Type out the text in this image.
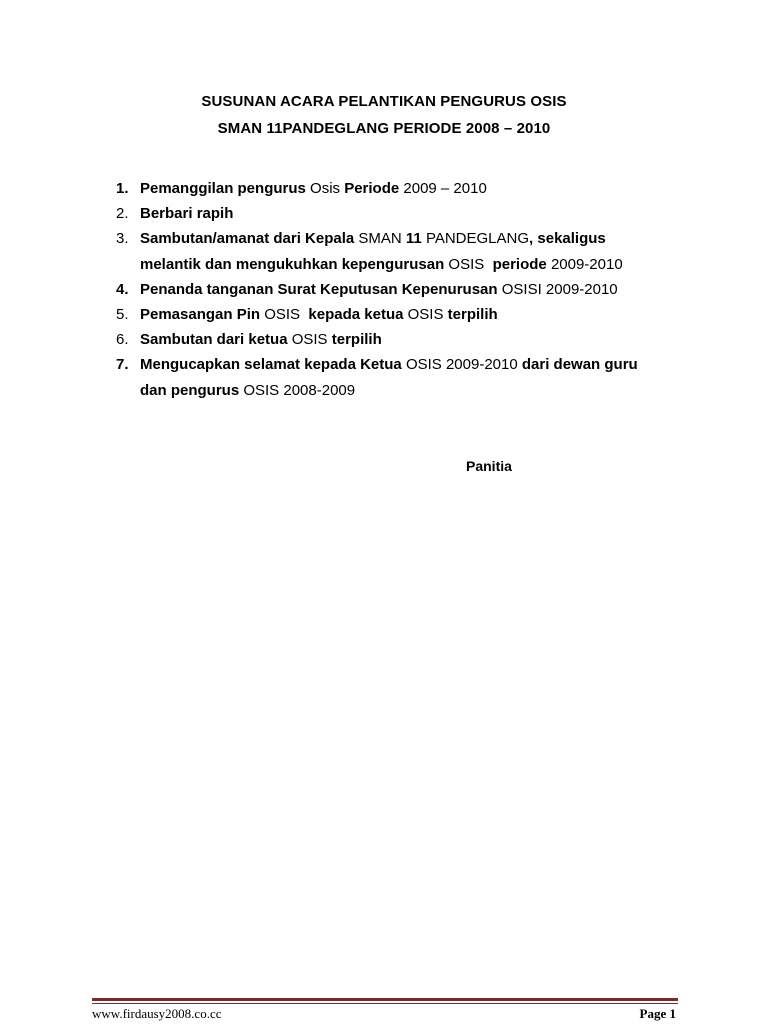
SUSUNAN ACARA PELANTIKAN PENGURUS OSIS
SMAN 11PANDEGLANG PERIODE 2008 – 2010
1. Pemanggilan pengurus Osis Periode 2009 – 2010
2. Berbari rapih
3. Sambutan/amanat dari Kepala SMAN 11 PANDEGLANG, sekaligus
melantik dan mengukuhkan kepengurusan OSIS  periode 2009-2010
4. Penanda tanganan Surat Keputusan Kepenurusan OSISI 2009-2010
5. Pemasangan Pin OSIS  kepada ketua OSIS terpilih
6. Sambutan dari ketua OSIS terpilih
7. Mengucapkan selamat kepada Ketua OSIS 2009-2010 dari dewan guru
dan pengurus OSIS 2008-2009
Panitia
www.firdausy2008.co.cc	Page 1
